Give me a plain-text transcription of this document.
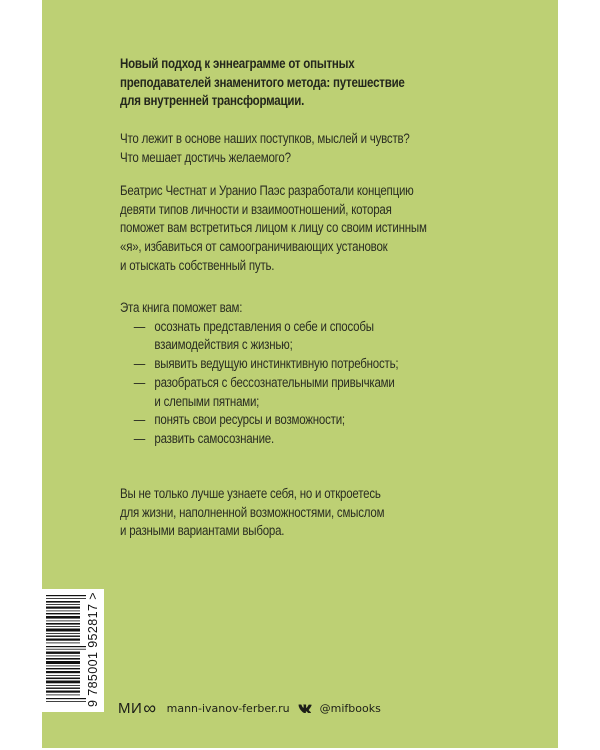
Новый подход к эннеаграмме от опытных
преподавателей знаменитого метода: путешествие
для внутренней трансформации.
Что лежит в основе наших поступков, мыслей и чувств?
Что мешает достичь желаемого?
Беатрис Честнат и Уранио Паэс разработали концепцию
девяти типов личности и взаимоотношений, которая
поможет вам встретиться лицом к лицу со своим истинным
«я», избавиться от самоограничивающих установок
и отыскать собственный путь.
Эта книга поможет вам:
— осознать представления о себе и способы
взаимодействия с жизнью;
— выявить ведущую инстинктивную потребность;
— разобраться с бессознательными привычками
и слепыми пятнами;
— понять свои ресурсы и возможности;
— развить самосознание.
Вы не только лучше узнаете себя, но и откроетесь
для жизни, наполненной возможностями, смыслом
и разными вариантами выбора.
9 785001 952817 >
МИ ∞ mann-ivanov-ferber.ru	@mifbooks
